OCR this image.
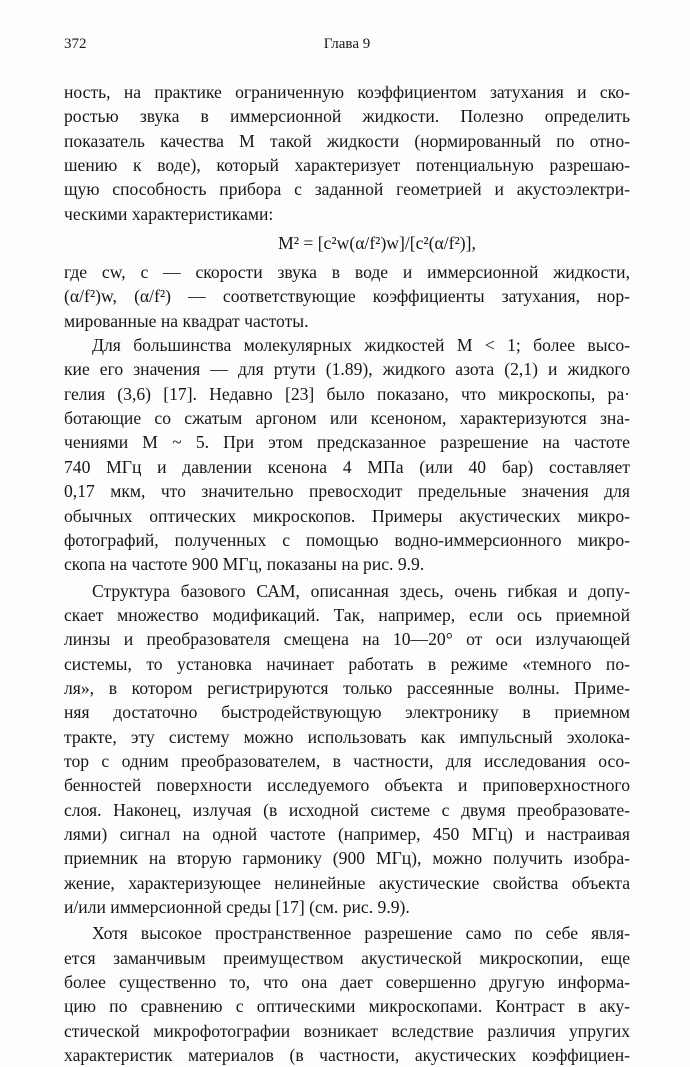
372	Глава 9
ность, на практике ограниченную коэффициентом затухания и ско-
ростью звука в иммерсионной жидкости. Полезно определить
показатель качества M такой жидкости (нормированный по отно-
шению к воде), который характеризует потенциальную разрешаю-
щую способность прибора с заданной геометрией и акустоэлектри-
ческими характеристиками:
M² = [c²w(α/f²)w]/[c²(α/f²)],
где cw, c — скорости звука в воде и иммерсионной жидкости,
(α/f²)w, (α/f²) — соответствующие коэффициенты затухания, нор-
мированные на квадрат частоты.
Для большинства молекулярных жидкостей M < 1; более высо-
кие его значения — для ртути (1.89), жидкого азота (2,1) и жидкого
гелия (3,6) [17]. Недавно [23] было показано, что микроскопы, ра·
ботающие со сжатым аргоном или ксеноном, характеризуются зна-
чениями M ~ 5. При этом предсказанное разрешение на частоте
740 МГц и давлении ксенона 4 МПа (или 40 бар) составляет
0,17 мкм, что значительно превосходит предельные значения для
обычных оптических микроскопов. Примеры акустических микро-
фотографий, полученных с помощью водно-иммерсионного микро-
скопа на частоте 900 МГц, показаны на рис. 9.9.
Структура базового САМ, описанная здесь, очень гибкая и допу-
скает множество модификаций. Так, например, если ось приемной
линзы и преобразователя смещена на 10—20° от оси излучающей
системы, то установка начинает работать в режиме «темного по-
ля», в котором регистрируются только рассеянные волны. Приме-
няя достаточно быстродействующую электронику в приемном
тракте, эту систему можно использовать как импульсный эхолока-
тор с одним преобразователем, в частности, для исследования осо-
бенностей поверхности исследуемого объекта и приповерхностного
слоя. Наконец, излучая (в исходной системе с двумя преобразовате-
лями) сигнал на одной частоте (например, 450 МГц) и настраивая
приемник на вторую гармонику (900 МГц), можно получить изобра-
жение, характеризующее нелинейные акустические свойства объекта
и/или иммерсионной среды [17] (см. рис. 9.9).
Хотя высокое пространственное разрешение само по себе явля-
ется заманчивым преимуществом акустической микроскопии, еще
более существенно то, что она дает совершенно другую информа-
цию по сравнению с оптическими микроскопами. Контраст в аку-
стической микрофотографии возникает вследствие различия упругих
характеристик материалов (в частности, акустических коэффициен-
